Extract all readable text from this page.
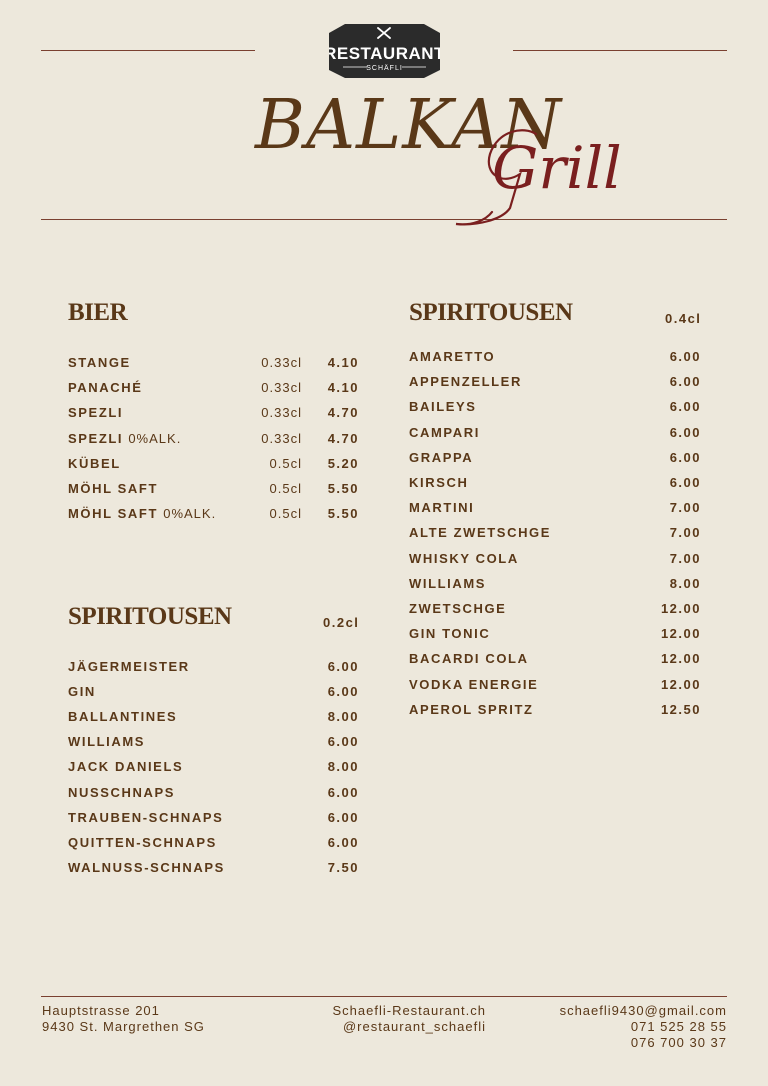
RESTAURANT
SCHÄFLI
BALKAN
Grill
BIER
STANGE	0.33cl 4.10
PANACHÉ	0.33cl 4.10
SPEZLI	0.33cl 4.70
SPEZLI 0%ALK.	0.33cl 4.70
KÜBEL	0.5cl 5.20
MÖHL SAFT	0.5cl 5.50
MÖHL SAFT 0%ALK.	0.5cl 5.50
SPIRITOUSEN	0.2cl
JÄGERMEISTER	6.00
GIN	6.00
BALLANTINES	8.00
WILLIAMS	6.00
JACK DANIELS	8.00
NUSSCHNAPS	6.00
TRAUBEN-SCHNAPS	6.00
QUITTEN-SCHNAPS	6.00
WALNUSS-SCHNAPS	7.50
SPIRITOUSEN	0.4cl
AMARETTO	6.00
APPENZELLER	6.00
BAILEYS	6.00
CAMPARI	6.00
GRAPPA	6.00
KIRSCH	6.00
MARTINI	7.00
ALTE ZWETSCHGE	7.00
WHISKY COLA	7.00
WILLIAMS	8.00
ZWETSCHGE	12.00
GIN TONIC	12.00
BACARDI COLA	12.00
VODKA ENERGIE	12.00
APEROL SPRITZ	12.50
Hauptstrasse 201
9430 St. Margrethen SG
Schaefli-Restaurant.ch
@restaurant_schaefli
schaefli9430@gmail.com
071 525 28 55
076 700 30 37
